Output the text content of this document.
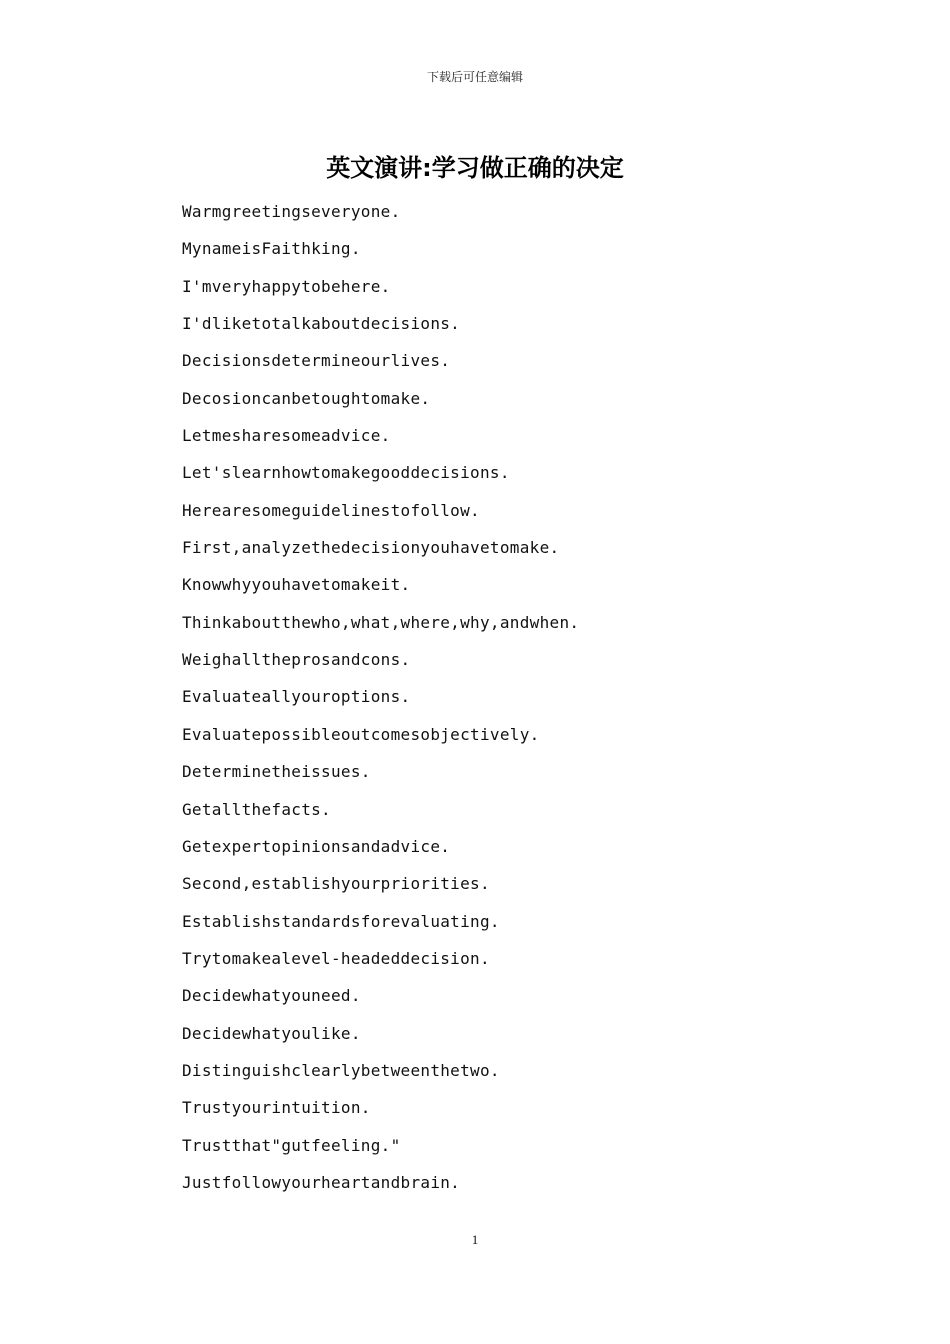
下载后可任意编辑
英文演讲:学习做正确的决定
Warmgreetingseveryone.
MynameisFaithking.
I'mveryhappytobehere.
I'dliketotalkaboutdecisions.
Decisionsdetermineourlives.
Decosioncanbetoughtomake.
Letmesharesomeadvice.
Let'slearnhowtomakegooddecisions.
Herearesomeguidelinestofollow.
First,analyzethedecisionyouhavetomake.
Knowwhyyouhavetomakeit.
Thinkaboutthewho,what,where,why,andwhen.
Weighalltheprosandcons.
Evaluateallyouroptions.
Evaluatepossibleoutcomesobjectively.
Determinetheissues.
Getallthefacts.
Getexpertopinionsandadvice.
Second,establishyourpriorities.
Establishstandardsforevaluating.
Trytomakealevel-headeddecision.
Decidewhatyouneed.
Decidewhatyoulike.
Distinguishclearlybetweenthetwo.
Trustyourintuition.
Trustthat"gutfeeling."
Justfollowyourheartandbrain.
1
